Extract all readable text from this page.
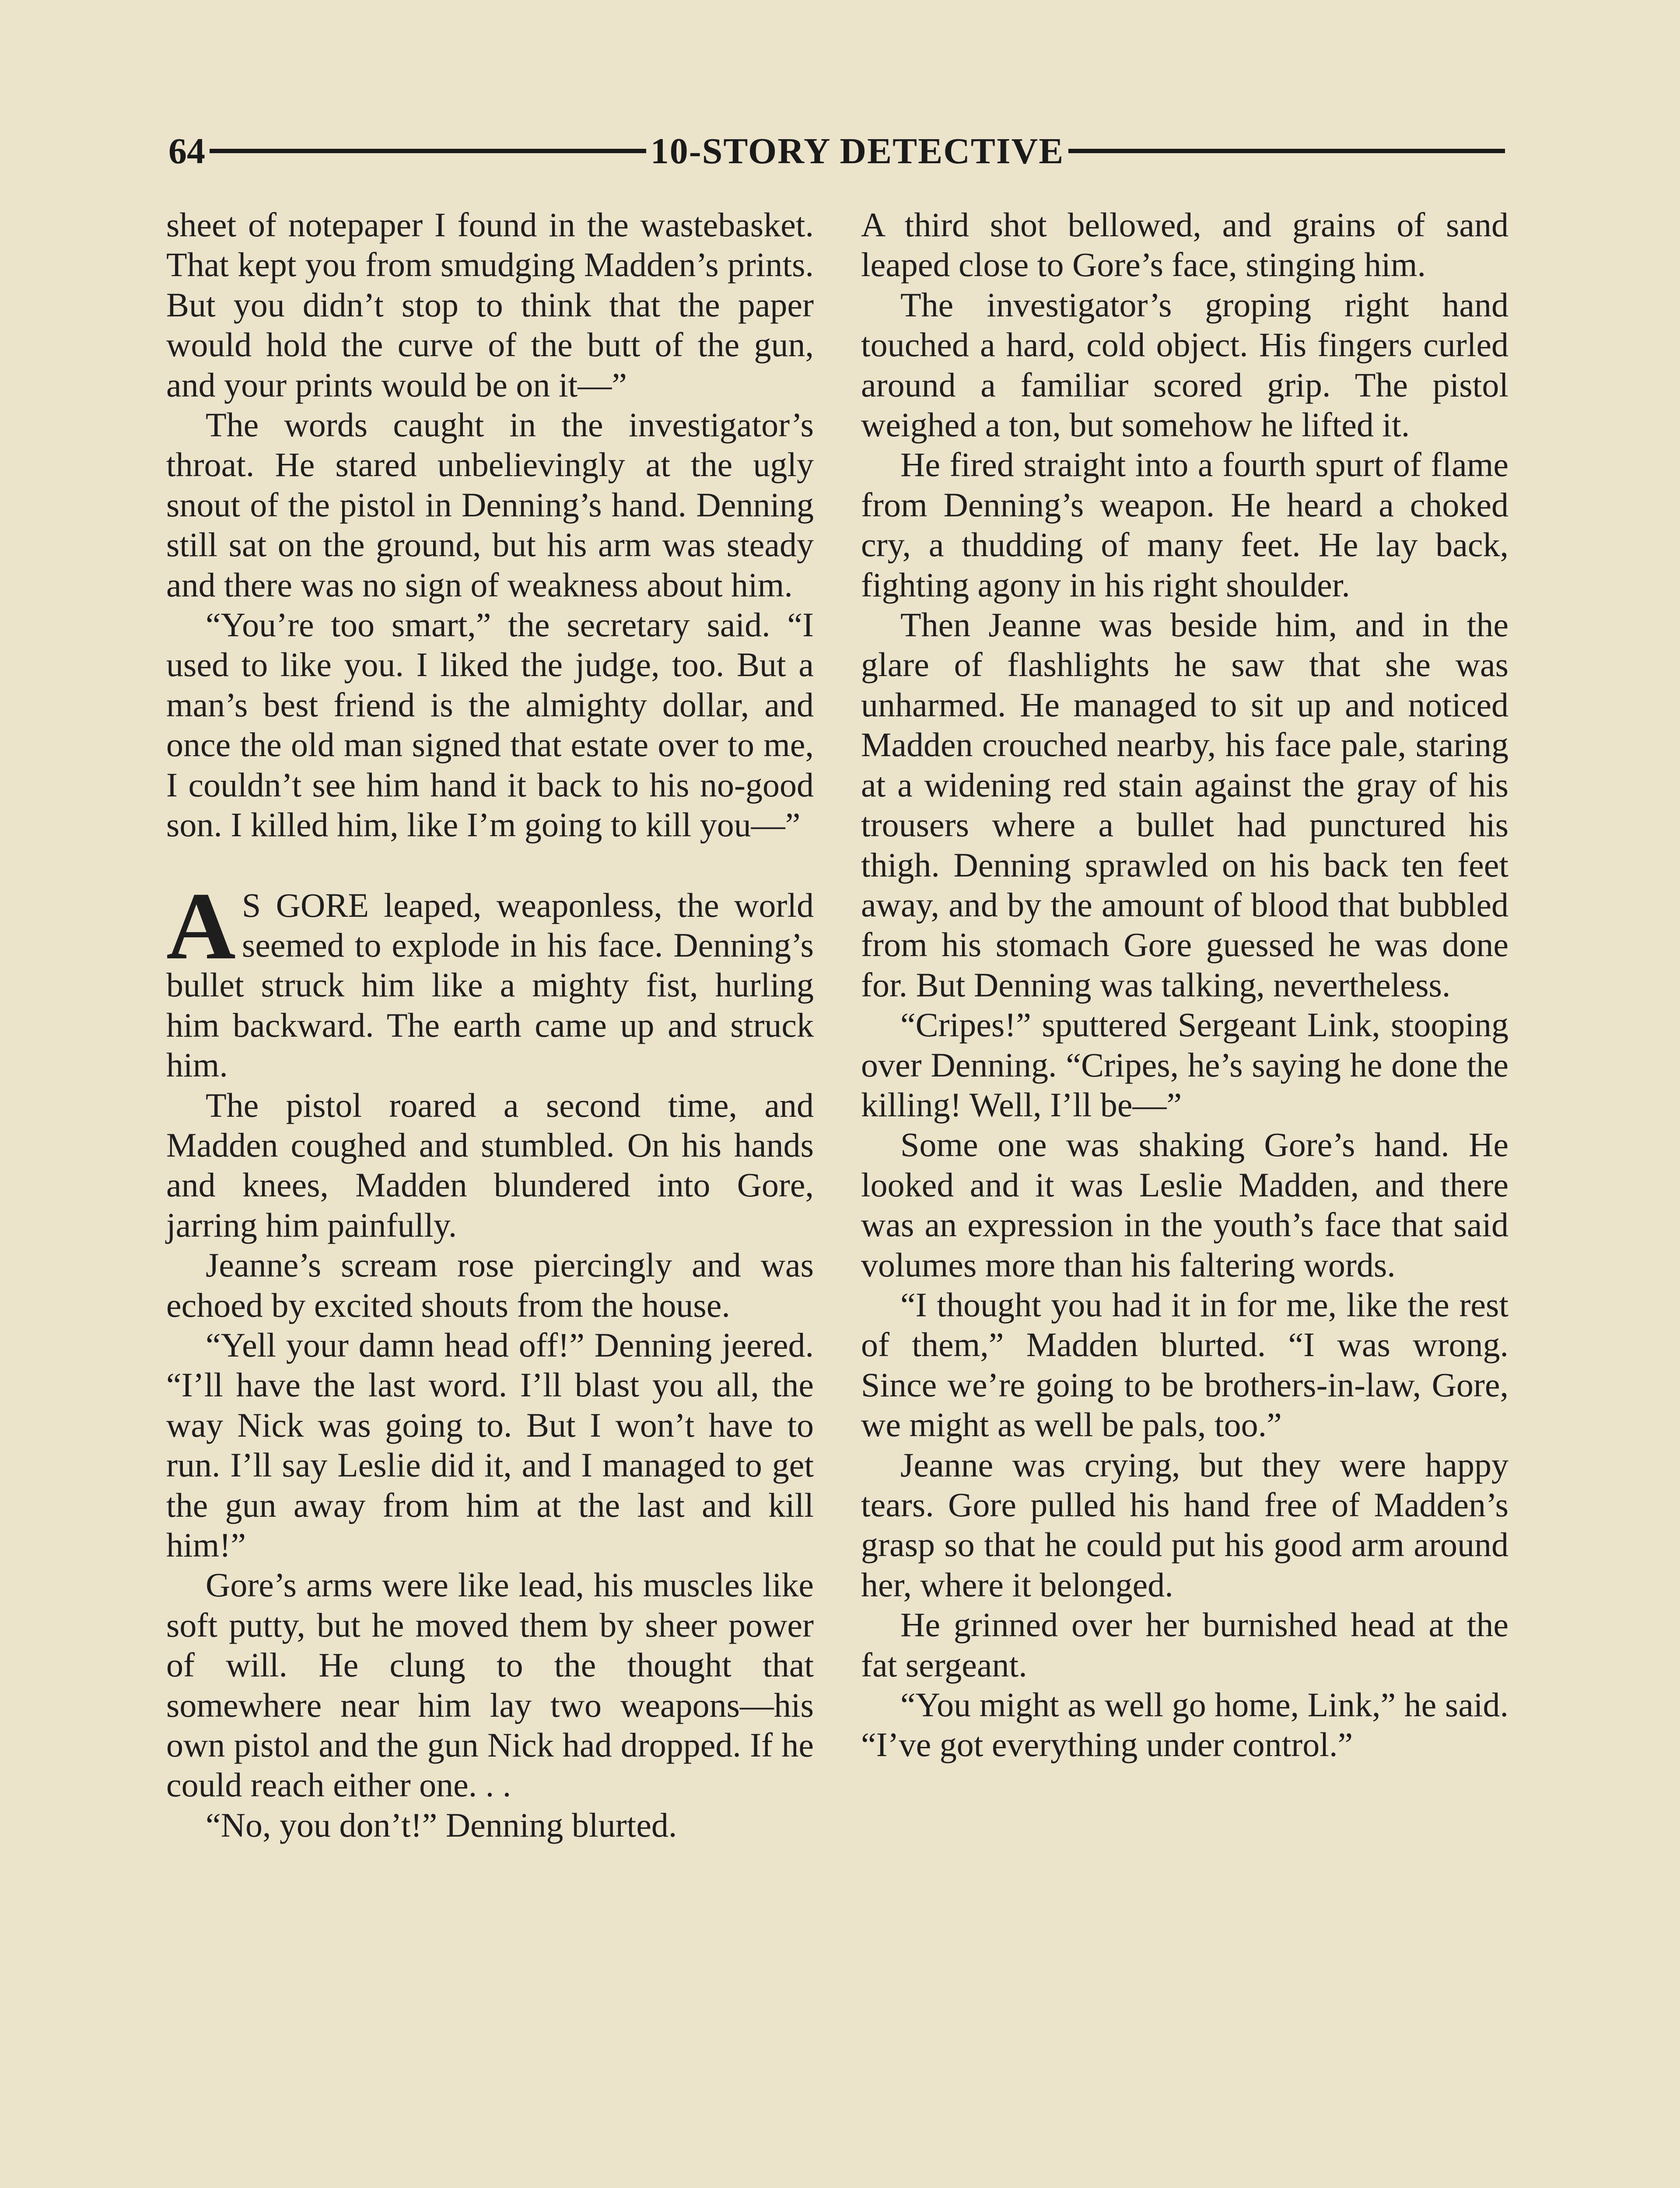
64	10-STORY DETECTIVE

sheet of notepaper I found in the wastebasket. That kept you from smudging Madden’s prints. But you didn’t stop to think that the paper would hold the curve of the butt of the gun, and your prints would be on it—”

The words caught in the investigator’s throat. He stared unbelievingly at the ugly snout of the pistol in Denning’s hand. Denning still sat on the ground, but his arm was steady and there was no sign of weakness about him.

“You’re too smart,” the secretary said. “I used to like you. I liked the judge, too. But a man’s best friend is the almighty dollar, and once the old man signed that estate over to me, I couldn’t see him hand it back to his no-good son. I killed him, like I’m going to kill you—”

A S GORE leaped, weaponless, the world seemed to explode in his face. Denning’s bullet struck him like a mighty fist, hurling him backward. The earth came up and struck him.

The pistol roared a second time, and Madden coughed and stumbled. On his hands and knees, Madden blundered into Gore, jarring him painfully.

Jeanne’s scream rose piercingly and was echoed by excited shouts from the house.

“Yell your damn head off!” Denning jeered. “I’ll have the last word. I’ll blast you all, the way Nick was going to. But I won’t have to run. I’ll say Leslie did it, and I managed to get the gun away from him at the last and kill him!”

Gore’s arms were like lead, his muscles like soft putty, but he moved them by sheer power of will. He clung to the thought that somewhere near him lay two weapons—his own pistol and the gun Nick had dropped. If he could reach either one. . .

“No, you don’t!” Denning blurted.

A third shot bellowed, and grains of sand leaped close to Gore’s face, stinging him.

The investigator’s groping right hand touched a hard, cold object. His fingers curled around a familiar scored grip. The pistol weighed a ton, but somehow he lifted it.

He fired straight into a fourth spurt of flame from Denning’s weapon. He heard a choked cry, a thudding of many feet. He lay back, fighting agony in his right shoulder.

Then Jeanne was beside him, and in the glare of flashlights he saw that she was unharmed. He managed to sit up and noticed Madden crouched nearby, his face pale, staring at a widening red stain against the gray of his trousers where a bullet had punctured his thigh. Denning sprawled on his back ten feet away, and by the amount of blood that bubbled from his stomach Gore guessed he was done for. But Denning was talking, nevertheless.

“Cripes!” sputtered Sergeant Link, stooping over Denning. “Cripes, he’s saying he done the killing! Well, I’ll be—”

Some one was shaking Gore’s hand. He looked and it was Leslie Madden, and there was an expression in the youth’s face that said volumes more than his faltering words.

“I thought you had it in for me, like the rest of them,” Madden blurted. “I was wrong. Since we’re going to be brothers-in-law, Gore, we might as well be pals, too.”

Jeanne was crying, but they were happy tears. Gore pulled his hand free of Madden’s grasp so that he could put his good arm around her, where it belonged.

He grinned over her burnished head at the fat sergeant.

“You might as well go home, Link,” he said. “I’ve got everything under control.”
